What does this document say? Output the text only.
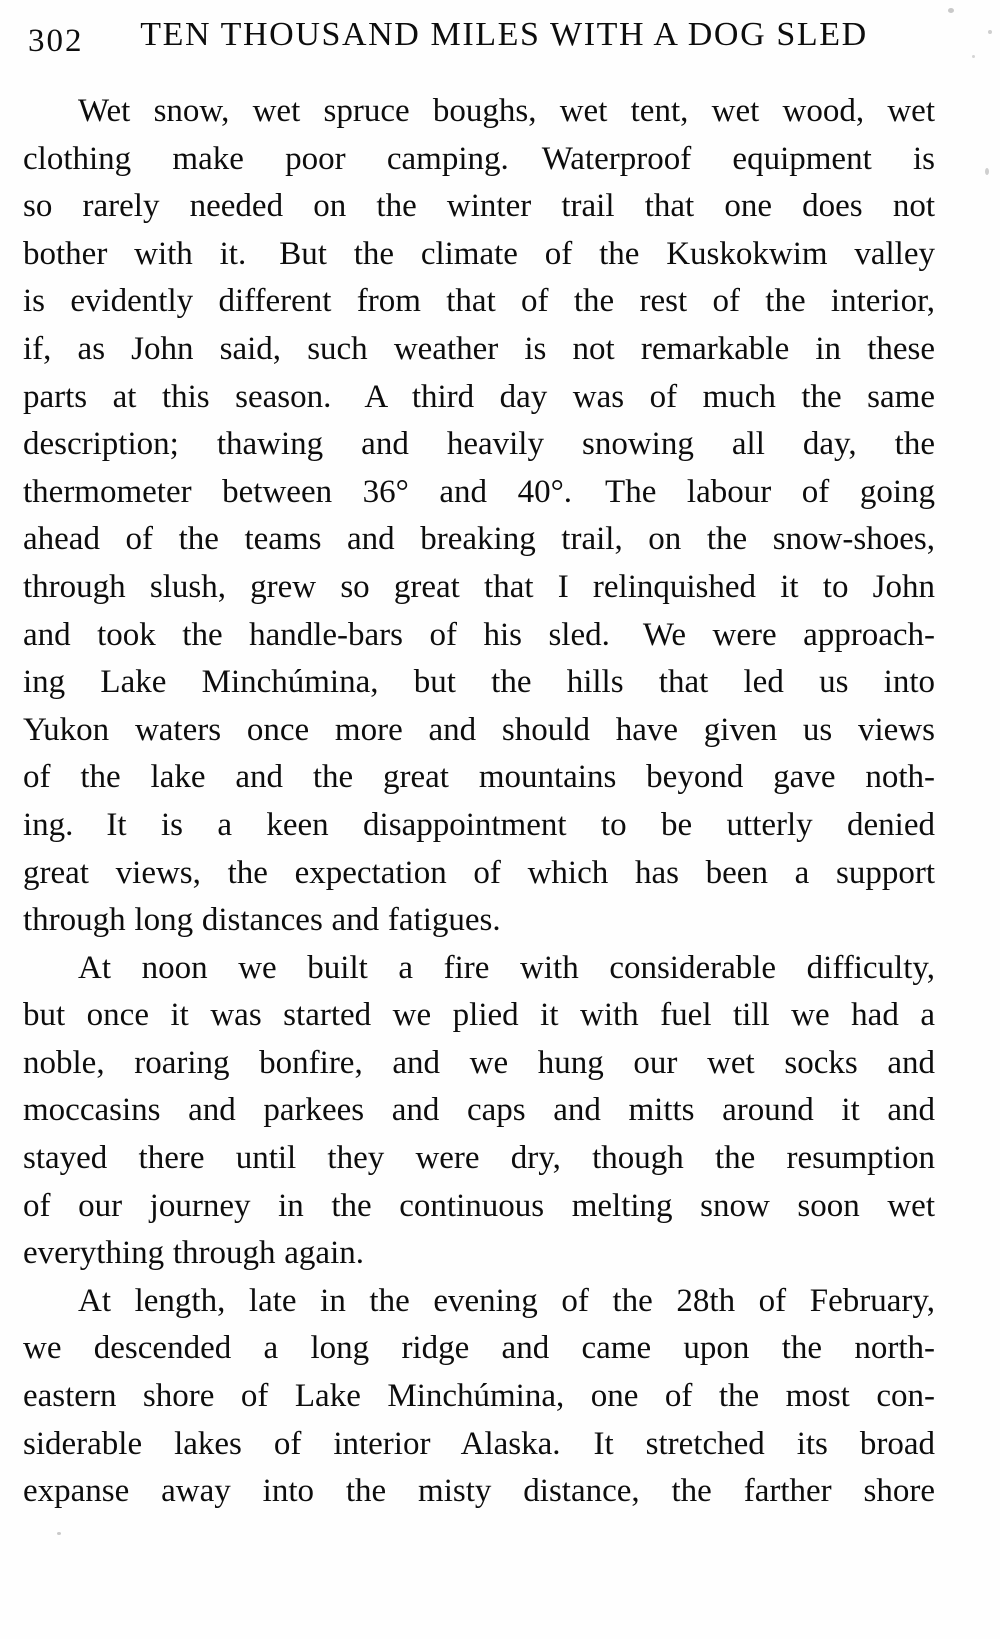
302	TEN THOUSAND MILES WITH A DOG SLED
Wet snow, wet spruce boughs, wet tent, wet wood, wet
clothing make poor camping. Waterproof equipment is
so rarely needed on the winter trail that one does not
bother with it. But the climate of the Kuskokwim valley
is evidently different from that of the rest of the interior,
if, as John said, such weather is not remarkable in these
parts at this season. A third day was of much the same
description; thawing and heavily snowing all day, the
thermometer between 36° and 40°. The labour of going
ahead of the teams and breaking trail, on the snow-shoes,
through slush, grew so great that I relinquished it to John
and took the handle-bars of his sled. We were approach-
ing Lake Minchúmina, but the hills that led us into
Yukon waters once more and should have given us views
of the lake and the great mountains beyond gave noth-
ing. It is a keen disappointment to be utterly denied
great views, the expectation of which has been a support
through long distances and fatigues.
At noon we built a fire with considerable difficulty,
but once it was started we plied it with fuel till we had a
noble, roaring bonfire, and we hung our wet socks and
moccasins and parkees and caps and mitts around it and
stayed there until they were dry, though the resumption
of our journey in the continuous melting snow soon wet
everything through again.
At length, late in the evening of the 28th of February,
we descended a long ridge and came upon the north-
eastern shore of Lake Minchúmina, one of the most con-
siderable lakes of interior Alaska. It stretched its broad
expanse away into the misty distance, the farther shore
